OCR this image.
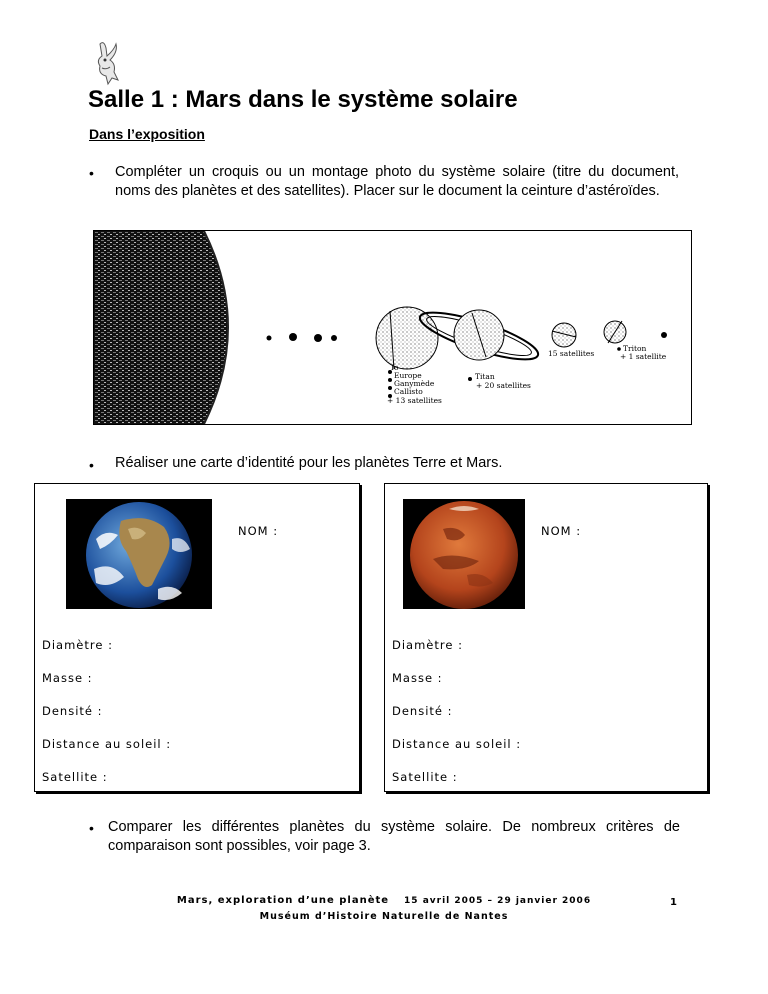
Salle 1 : Mars dans le système solaire
Dans l’exposition
• Compléter un croquis ou un montage photo du système solaire (titre du document, noms des planètes et des satellites). Placer sur le document la ceinture d’astéroïdes.
Io
Europe
Ganymède
Callisto
+ 13 satellites
Titan
+ 20 satellites
15 satellites
Triton
+ 1 satellite
• Réaliser une carte d’identité pour les planètes Terre et Mars.
NOM :
Diamètre :
Masse :
Densité :
Distance au soleil :
Satellite :
NOM :
Diamètre :
Masse :
Densité :
Distance au soleil :
Satellite :
• Comparer les différentes planètes du système solaire. De nombreux critères de comparaison sont possibles, voir page 3.
Mars, exploration d’une planète 15 avril 2005 – 29 janvier 2006
Muséum d’Histoire Naturelle de Nantes
1
